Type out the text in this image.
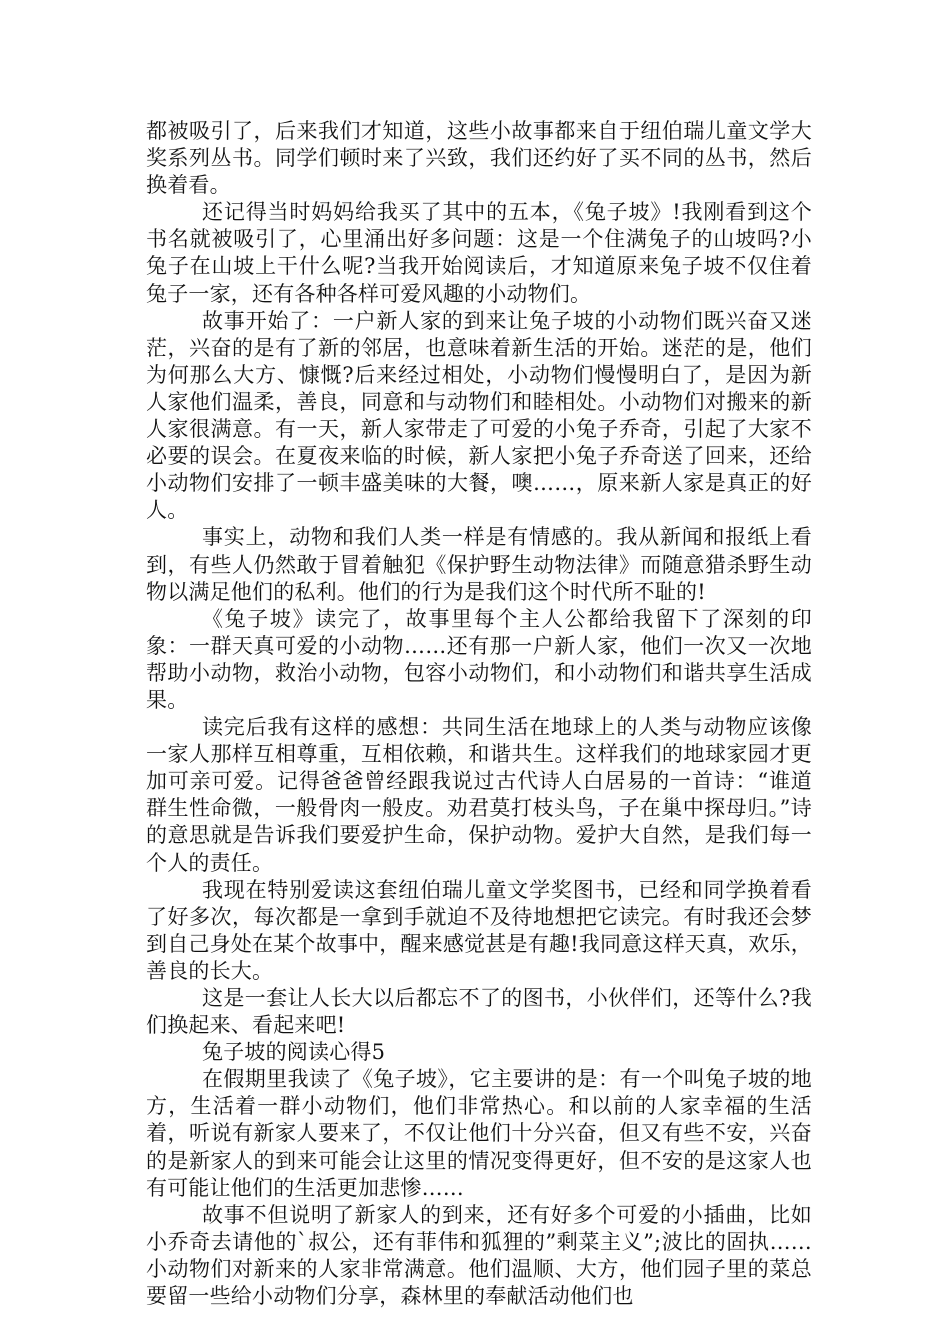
都被吸引了，后来我们才知道，这些小故事都来自于纽伯瑞儿童文学大奖系列丛书。同学们顿时来了兴致，我们还约好了买不同的丛书，然后换着看。

还记得当时妈妈给我买了其中的五本，《兔子坡》!我刚看到这个书名就被吸引了，心里涌出好多问题：这是一个住满兔子的山坡吗?小兔子在山坡上干什么呢?当我开始阅读后，才知道原来兔子坡不仅住着兔子一家，还有各种各样可爱风趣的小动物们。

故事开始了：一户新人家的到来让兔子坡的小动物们既兴奋又迷茫，兴奋的是有了新的邻居，也意味着新生活的开始。迷茫的是，他们为何那么大方、慷慨?后来经过相处，小动物们慢慢明白了，是因为新人家他们温柔，善良，同意和与动物们和睦相处。小动物们对搬来的新人家很满意。有一天，新人家带走了可爱的小兔子乔奇，引起了大家不必要的误会。在夏夜来临的时候，新人家把小兔子乔奇送了回来，还给小动物们安排了一顿丰盛美味的大餐，噢……，原来新人家是真正的好人。

事实上，动物和我们人类一样是有情感的。我从新闻和报纸上看到，有些人仍然敢于冒着触犯《保护野生动物法律》而随意猎杀野生动物以满足他们的私利。他们的行为是我们这个时代所不耻的!

《兔子坡》读完了，故事里每个主人公都给我留下了深刻的印象：一群天真可爱的小动物……还有那一户新人家，他们一次又一次地帮助小动物，救治小动物，包容小动物们，和小动物们和谐共享生活成果。

读完后我有这样的感想：共同生活在地球上的人类与动物应该像一家人那样互相尊重，互相依赖，和谐共生。这样我们的地球家园才更加可亲可爱。记得爸爸曾经跟我说过古代诗人白居易的一首诗：“谁道群生性命微，一般骨肉一般皮。劝君莫打枝头鸟，子在巢中探母归。”诗的意思就是告诉我们要爱护生命，保护动物。爱护大自然，是我们每一个人的责任。

我现在特别爱读这套纽伯瑞儿童文学奖图书，已经和同学换着看了好多次，每次都是一拿到手就迫不及待地想把它读完。有时我还会梦到自己身处在某个故事中，醒来感觉甚是有趣!我同意这样天真，欢乐，善良的长大。

这是一套让人长大以后都忘不了的图书，小伙伴们，还等什么?我们换起来、看起来吧!

兔子坡的阅读心得5

在假期里我读了《兔子坡》，它主要讲的是：有一个叫兔子坡的地方，生活着一群小动物们，他们非常热心。和以前的人家幸福的生活着，听说有新家人要来了，不仅让他们十分兴奋，但又有些不安，兴奋的是新家人的到来可能会让这里的情况变得更好，但不安的是这家人也有可能让他们的生活更加悲惨……

故事不但说明了新家人的到来，还有好多个可爱的小插曲，比如小乔奇去请他的`叔公，还有菲伟和狐狸的”剩菜主义”;波比的固执……小动物们对新来的人家非常满意。他们温顺、大方，他们园子里的菜总要留一些给小动物们分享，森林里的奉献活动他们也
